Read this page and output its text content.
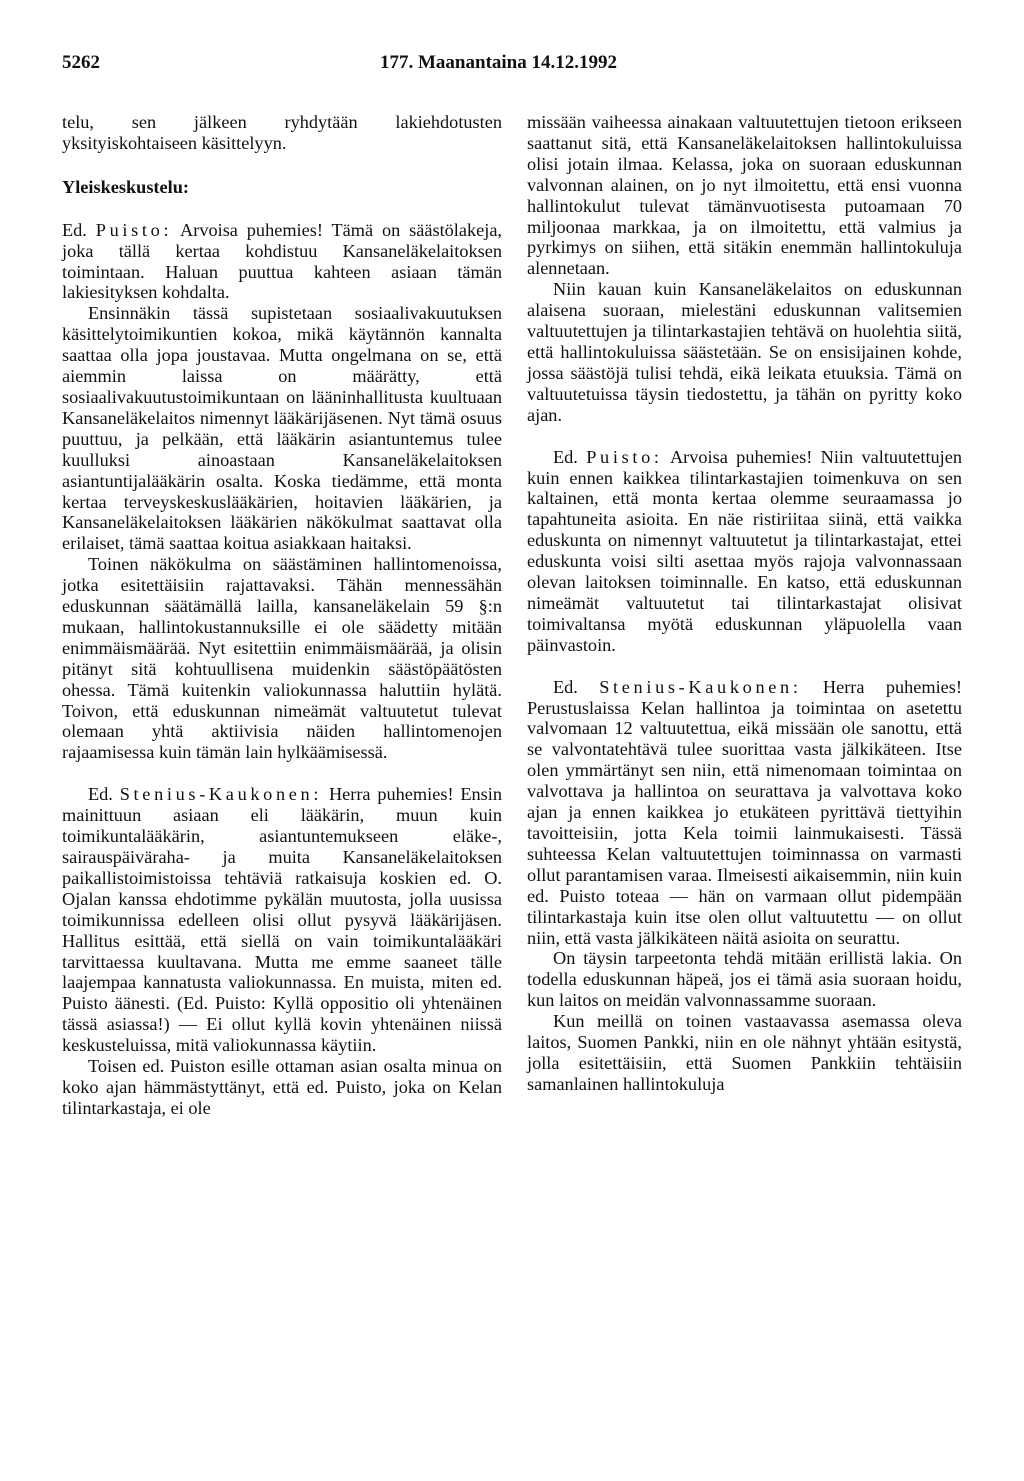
5262	177. Maanantaina 14.12.1992

telu, sen jälkeen ryhdytään lakiehdotusten yksityiskohtaiseen käsittelyyn.

Yleiskeskustelu:

Ed. Puisto: Arvoisa puhemies! Tämä on säästölakeja, joka tällä kertaa kohdistuu Kansaneläkelaitoksen toimintaan. Haluan puuttua kahteen asiaan tämän lakiesityksen kohdalta.

Ensinnäkin tässä supistetaan sosiaalivakuutuksen käsittelytoimikuntien kokoa, mikä käytännön kannalta saattaa olla jopa joustavaa. Mutta ongelmana on se, että aiemmin laissa on määrätty, että sosiaalivakuutustoimikuntaan on lääninhallitusta kuultuaan Kansaneläkelaitos nimennyt lääkärijäsenen. Nyt tämä osuus puuttuu, ja pelkään, että lääkärin asiantuntemus tulee kuulluksi ainoastaan Kansaneläkelaitoksen asiantuntijalääkärin osalta. Koska tiedämme, että monta kertaa terveyskeskuslääkärien, hoitavien lääkärien, ja Kansaneläkelaitoksen lääkärien näkökulmat saattavat olla erilaiset, tämä saattaa koitua asiakkaan haitaksi.

Toinen näkökulma on säästäminen hallintomenoissa, jotka esitettäisiin rajattavaksi. Tähän mennessähän eduskunnan säätämällä lailla, kansaneläkelain 59 §:n mukaan, hallintokustannuksille ei ole säädetty mitään enimmäismäärää. Nyt esitettiin enimmäismäärää, ja olisin pitänyt sitä kohtuullisena muidenkin säästöpäätösten ohessa. Tämä kuitenkin valiokunnassa haluttiin hylätä. Toivon, että eduskunnan nimeämät valtuutetut tulevat olemaan yhtä aktiivisia näiden hallintomenojen rajaamisessa kuin tämän lain hylkäämisessä.

Ed. Stenius-Kaukonen: Herra puhemies! Ensin mainittuun asiaan eli lääkärin, muun kuin toimikuntalääkärin, asiantuntemukseen eläke-, sairauspäiväraha- ja muita Kansaneläkelaitoksen paikallistoimistoissa tehtäviä ratkaisuja koskien ed. O. Ojalan kanssa ehdotimme pykälän muutosta, jolla uusissa toimikunnissa edelleen olisi ollut pysyvä lääkärijäsen. Hallitus esittää, että siellä on vain toimikuntalääkäri tarvittaessa kuultavana. Mutta me emme saaneet tälle laajempaa kannatusta valiokunnassa. En muista, miten ed. Puisto äänesti. (Ed. Puisto: Kyllä oppositio oli yhtenäinen tässä asiassa!) — Ei ollut kyllä kovin yhtenäinen niissä keskusteluissa, mitä valiokunnassa käytiin.

Toisen ed. Puiston esille ottaman asian osalta minua on koko ajan hämmästyttänyt, että ed. Puisto, joka on Kelan tilintarkastaja, ei ole

missään vaiheessa ainakaan valtuutettujen tietoon erikseen saattanut sitä, että Kansaneläkelaitoksen hallintokuluissa olisi jotain ilmaa. Kelassa, joka on suoraan eduskunnan valvonnan alainen, on jo nyt ilmoitettu, että ensi vuonna hallintokulut tulevat tämänvuotisesta putoamaan 70 miljoonaa markkaa, ja on ilmoitettu, että valmius ja pyrkimys on siihen, että sitäkin enemmän hallintokuluja alennetaan.

Niin kauan kuin Kansaneläkelaitos on eduskunnan alaisena suoraan, mielestäni eduskunnan valitsemien valtuutettujen ja tilintarkastajien tehtävä on huolehtia siitä, että hallintokuluissa säästetään. Se on ensisijainen kohde, jossa säästöjä tulisi tehdä, eikä leikata etuuksia. Tämä on valtuutetuissa täysin tiedostettu, ja tähän on pyritty koko ajan.

Ed. Puisto: Arvoisa puhemies! Niin valtuutettujen kuin ennen kaikkea tilintarkastajien toimenkuva on sen kaltainen, että monta kertaa olemme seuraamassa jo tapahtuneita asioita. En näe ristiriitaa siinä, että vaikka eduskunta on nimennyt valtuutetut ja tilintarkastajat, ettei eduskunta voisi silti asettaa myös rajoja valvonnassaan olevan laitoksen toiminnalle. En katso, että eduskunnan nimeämät valtuutetut tai tilintarkastajat olisivat toimivaltansa myötä eduskunnan yläpuolella vaan päinvastoin.

Ed. Stenius-Kaukonen: Herra puhemies! Perustuslaissa Kelan hallintoa ja toimintaa on asetettu valvomaan 12 valtuutettua, eikä missään ole sanottu, että se valvontatehtävä tulee suorittaa vasta jälkikäteen. Itse olen ymmärtänyt sen niin, että nimenomaan toimintaa on valvottava ja hallintoa on seurattava ja valvottava koko ajan ja ennen kaikkea jo etukäteen pyrittävä tiettyihin tavoitteisiin, jotta Kela toimii lainmukaisesti. Tässä suhteessa Kelan valtuutettujen toiminnassa on varmasti ollut parantamisen varaa. Ilmeisesti aikaisemmin, niin kuin ed. Puisto toteaa — hän on varmaan ollut pidempään tilintarkastaja kuin itse olen ollut valtuutettu — on ollut niin, että vasta jälkikäteen näitä asioita on seurattu.

On täysin tarpeetonta tehdä mitään erillistä lakia. On todella eduskunnan häpeä, jos ei tämä asia suoraan hoidu, kun laitos on meidän valvonnassamme suoraan.

Kun meillä on toinen vastaavassa asemassa oleva laitos, Suomen Pankki, niin en ole nähnyt yhtään esitystä, jolla esitettäisiin, että Suomen Pankkiin tehtäisiin samanlainen hallintokuluja
